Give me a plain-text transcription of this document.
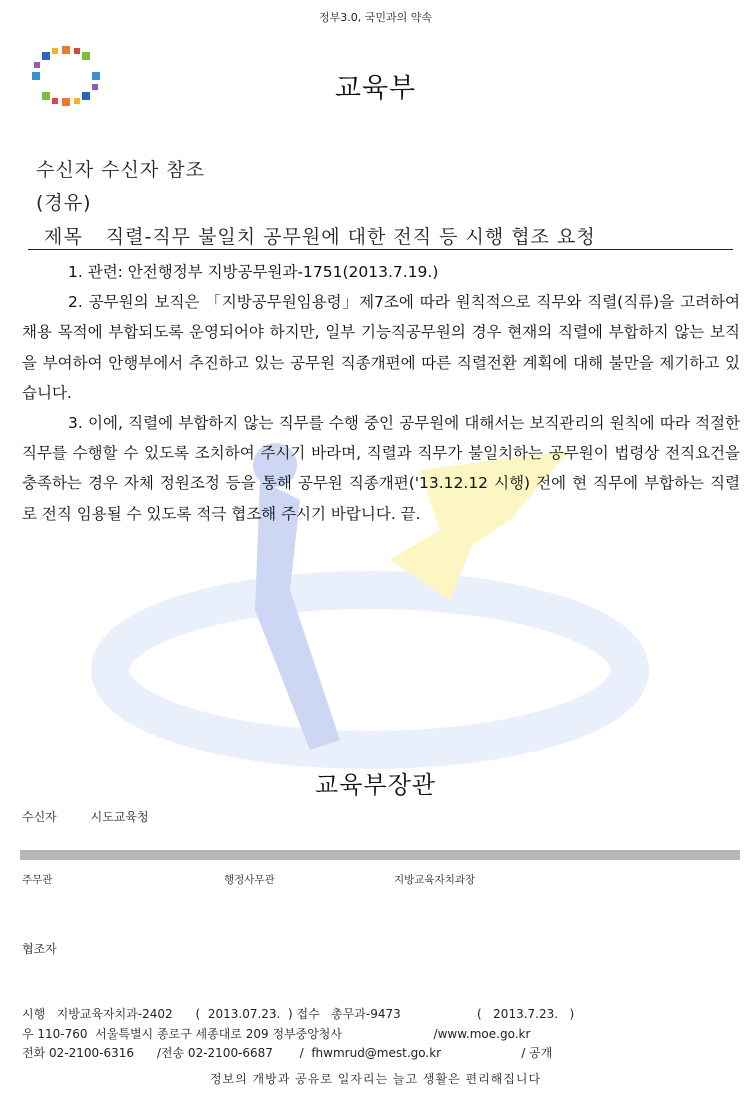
정부3.0, 국민과의 약속
교육부
수신자 수신자 참조
(경유)
제목 직렬-직무 불일치 공무원에 대한 전직 등 시행 협조 요청

1. 관련: 안전행정부 지방공무원과-1751(2013.7.19.)

2. 공무원의 보직은 「지방공무원임용령」제7조에 따라 원칙적으로 직무와 직렬(직류)을 고려하여 채용 목적에 부합되도록 운영되어야 하지만, 일부 기능직공무원의 경우 현재의 직렬에 부합하지 않는 보직을 부여하여 안행부에서 추진하고 있는 공무원 직종개편에 따른 직렬전환 계획에 대해 불만을 제기하고 있습니다.

3. 이에, 직렬에 부합하지 않는 직무를 수행 중인 공무원에 대해서는 보직관리의 원칙에 따라 적절한 직무를 수행할 수 있도록 조치하여 주시기 바라며, 직렬과 직무가 불일치하는 공무원이 법령상 전직요건을 충족하는 경우 자체 정원조정 등을 통해 공무원 직종개편('13.12.12 시행) 전에 현 직무에 부합하는 직렬로 전직 임용될 수 있도록 적극 협조해 주시기 바랍니다. 끝.

교육부장관
수신자	시도교육청
주무관	행정사무관	지방교육자치과장
협조자
시행   지방교육자치과-2402      (  2013.07.23.  ) 접수   총무과-9473                    (   2013.7.23.   )
우 110-760  서울특별시 종로구 세종대로 209 정부중앙청사                        /www.moe.go.kr
전화 02-2100-6316      /전송 02-2100-6687       /  fhwmrud@mest.go.kr                     / 공개
정보의 개방과 공유로 일자리는 늘고 생활은 편리해집니다
